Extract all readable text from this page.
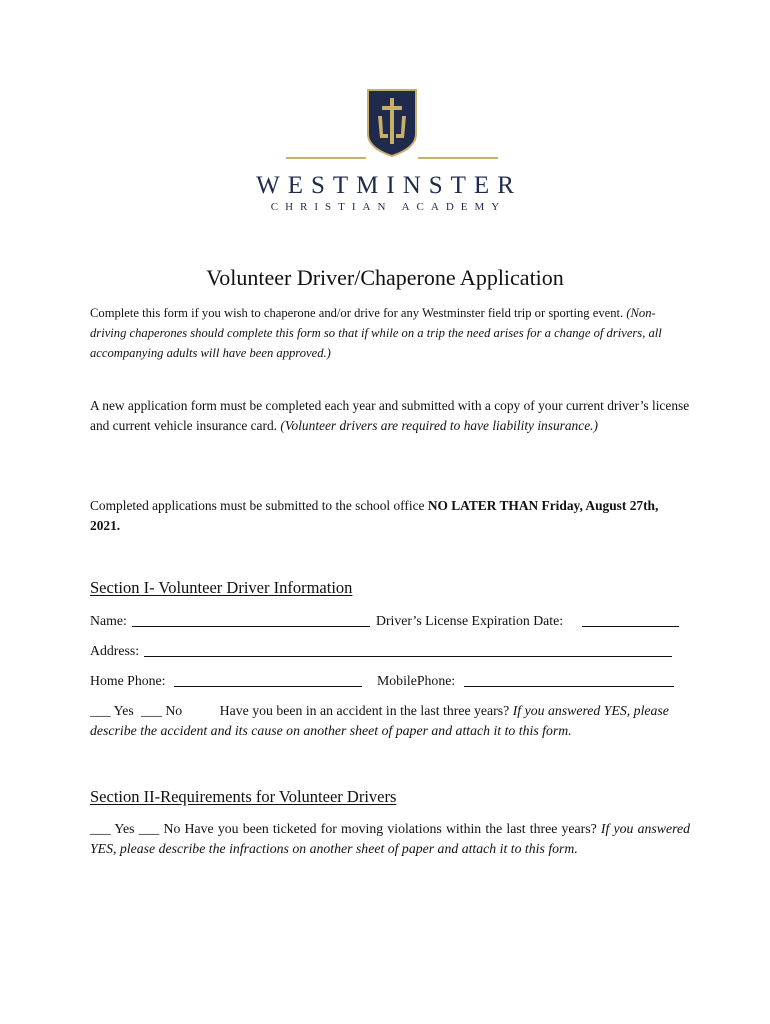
WESTMINSTER
CHRISTIAN ACADEMY
Volunteer Driver/Chaperone Application
Complete this form if you wish to chaperone and/or drive for any Westminster field trip or sporting event. (Non-driving chaperones should complete this form so that if while on a trip the need arises for a change of drivers, all accompanying adults will have been approved.)
A new application form must be completed each year and submitted with a copy of your current driver’s license and current vehicle insurance card. (Volunteer drivers are required to have liability insurance.)
Completed applications must be submitted to the school office NO LATER THAN Friday, August 27th, 2021.
Section I- Volunteer Driver Information
Name:	Driver’s License Expiration Date:
Address:
Home Phone:	MobilePhone:
___ Yes ___ No	Have you been in an accident in the last three years? If you answered YES, please describe the accident and its cause on another sheet of paper and attach it to this form.
Section II-Requirements for Volunteer Drivers
___ Yes ___ No Have you been ticketed for moving violations within the last three years? If you answered YES, please describe the infractions on another sheet of paper and attach it to this form.
